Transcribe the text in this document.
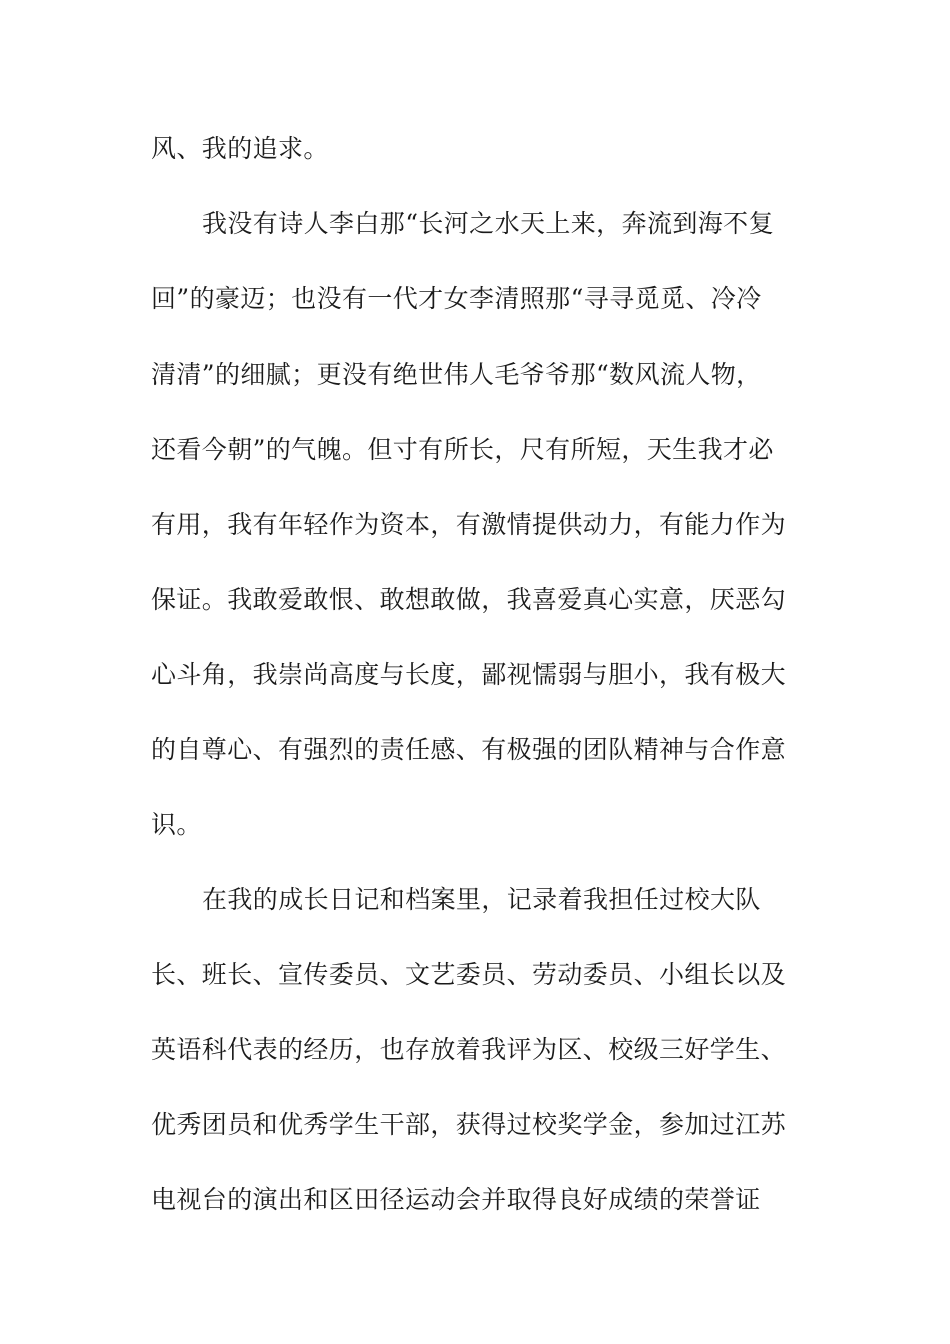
风、我的追求。
我没有诗人李白那“长河之水天上来，奔流到海不复
回”的豪迈；也没有一代才女李清照那“寻寻觅觅、冷冷
清清”的细腻；更没有绝世伟人毛爷爷那“数风流人物，
还看今朝”的气魄。但寸有所长，尺有所短，天生我才必
有用，我有年轻作为资本，有激情提供动力，有能力作为
保证。我敢爱敢恨、敢想敢做，我喜爱真心实意，厌恶勾
心斗角，我崇尚高度与长度，鄙视懦弱与胆小，我有极大
的自尊心、有强烈的责任感、有极强的团队精神与合作意
识。
在我的成长日记和档案里，记录着我担任过校大队
长、班长、宣传委员、文艺委员、劳动委员、小组长以及
英语科代表的经历，也存放着我评为区、校级三好学生、
优秀团员和优秀学生干部，获得过校奖学金，参加过江苏
电视台的演出和区田径运动会并取得良好成绩的荣誉证
